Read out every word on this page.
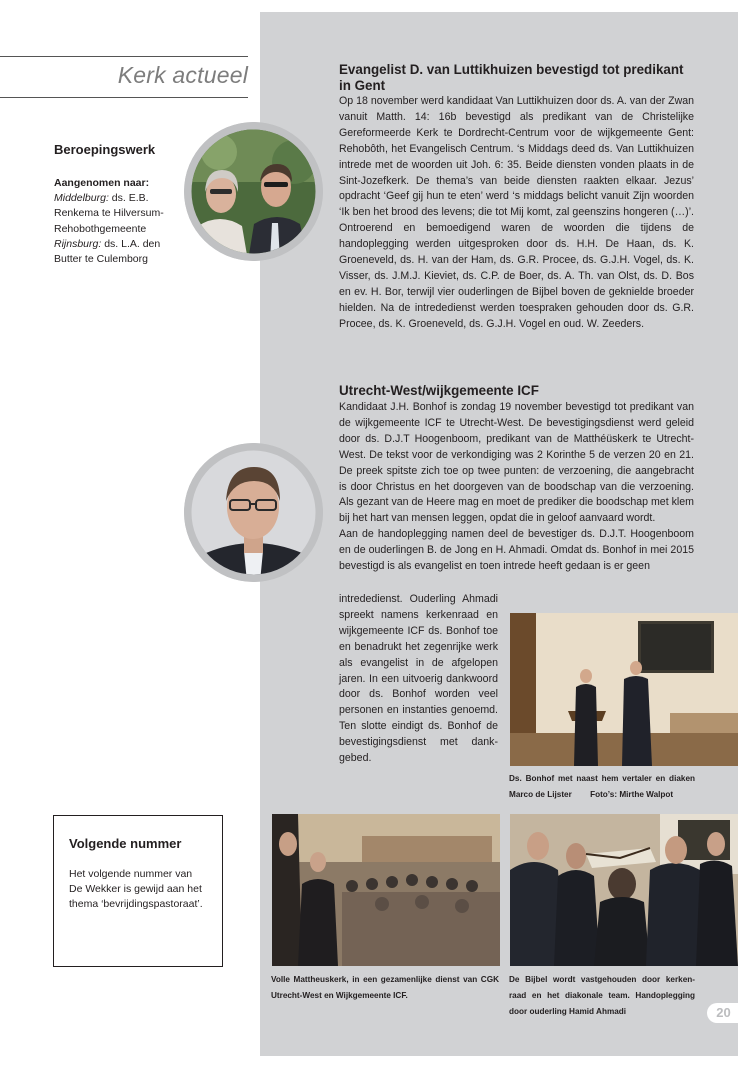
Kerk actueel
Beroepingswerk
Aangenomen naar:
Middelburg: ds. E.B. Renkema te Hilversum-Rehobothgemeente
Rijnsburg: ds. L.A. den Butter te Culemborg
Evangelist D. van Luttikhuizen bevestigd tot predikant in Gent
Op 18 november werd kandidaat Van Luttikhuizen door ds. A. van der Zwan vanuit Matth. 14: 16b bevestigd als predikant van de Christelijke Gereformeerde Kerk te Dordrecht-Centrum voor de wijkgemeente Gent: Rehobôth, het Evangelisch Centrum. ‘s Middags deed ds. Van Luttikhuizen intrede met de woorden uit Joh. 6: 35. Beide diensten vonden plaats in de Sint-Jozefkerk. De thema’s van beide diensten raakten elkaar. Jezus’ opdracht ‘Geef gij hun te eten’ werd ‘s middags belicht vanuit Zijn woorden ‘Ik ben het brood des levens; die tot Mij komt, zal geenszins hongeren (…)’. Ontroerend en bemoedigend waren de woorden die tijdens de handoplegging werden uitgesproken door ds. H.H. De Haan, ds. K. Groeneveld, ds. H. van der Ham, ds. G.R. Procee, ds. G.J.H. Vogel, ds. K. Visser, ds. J.M.J. Kieviet, ds. C.P. de Boer, ds. A. Th. van Olst, ds. D. Bos en ev. H. Bor, terwijl vier ouderlingen de Bijbel boven de geknielde broeder hielden. Na de intrededienst werden toespraken gehouden door ds. G.R. Procee, ds. K. Groeneveld, ds. G.J.H. Vogel en oud. W. Zeeders.
Utrecht-West/wijkgemeente ICF
Kandidaat J.H. Bonhof is zondag 19 november bevestigd tot predikant van de wijkgemeente ICF te Utrecht-West. De bevestigingsdienst werd geleid door ds. D.J.T Hoogenboom, predikant van de Matthéüskerk te Utrecht-West. De tekst voor de verkondiging was 2 Korinthe 5 de verzen 20 en 21. De preek spitste zich toe op twee punten: de verzoening, die aangebracht is door Christus en het doorgeven van de boodschap van die verzoening. Als gezant van de Heere mag en moet de prediker die boodschap met klem bij het hart van mensen leggen, opdat die in geloof aanvaard wordt.
Aan de handoplegging namen deel de bevestiger ds. D.J.T. Hoogenboom en de ouderlingen B. de Jong en H. Ahmadi. Omdat ds. Bonhof in mei 2015 bevestigd is als evangelist en toen intrede heeft gedaan is er geen
intrededienst. Ouderling Ahmadi spreekt namens kerkenraad en wijkgemeente ICF ds. Bonhof toe en benadrukt het zegenrijke werk als evangelist in de afgelopen jaren. In een uitvoerig dankwoord door ds. Bonhof worden veel personen en instanties genoemd. Ten slotte eindigt ds. Bonhof de bevestigingsdienst met dank-gebed.
Ds. Bonhof met naast hem vertaler en diaken Marco de Lijster Foto’s: Mirthe Walpot
Volle Mattheuskerk, in een gezamenlijke dienst van CGK Utrecht-West en Wijkgemeente ICF.
De Bijbel wordt vastgehouden door kerken-raad en het diakonale team. Handoplegging door ouderling Hamid Ahmadi
Volgende nummer
Het volgende nummer van De Wekker is gewijd aan het thema ‘bevrijdingspastoraat’.
20
